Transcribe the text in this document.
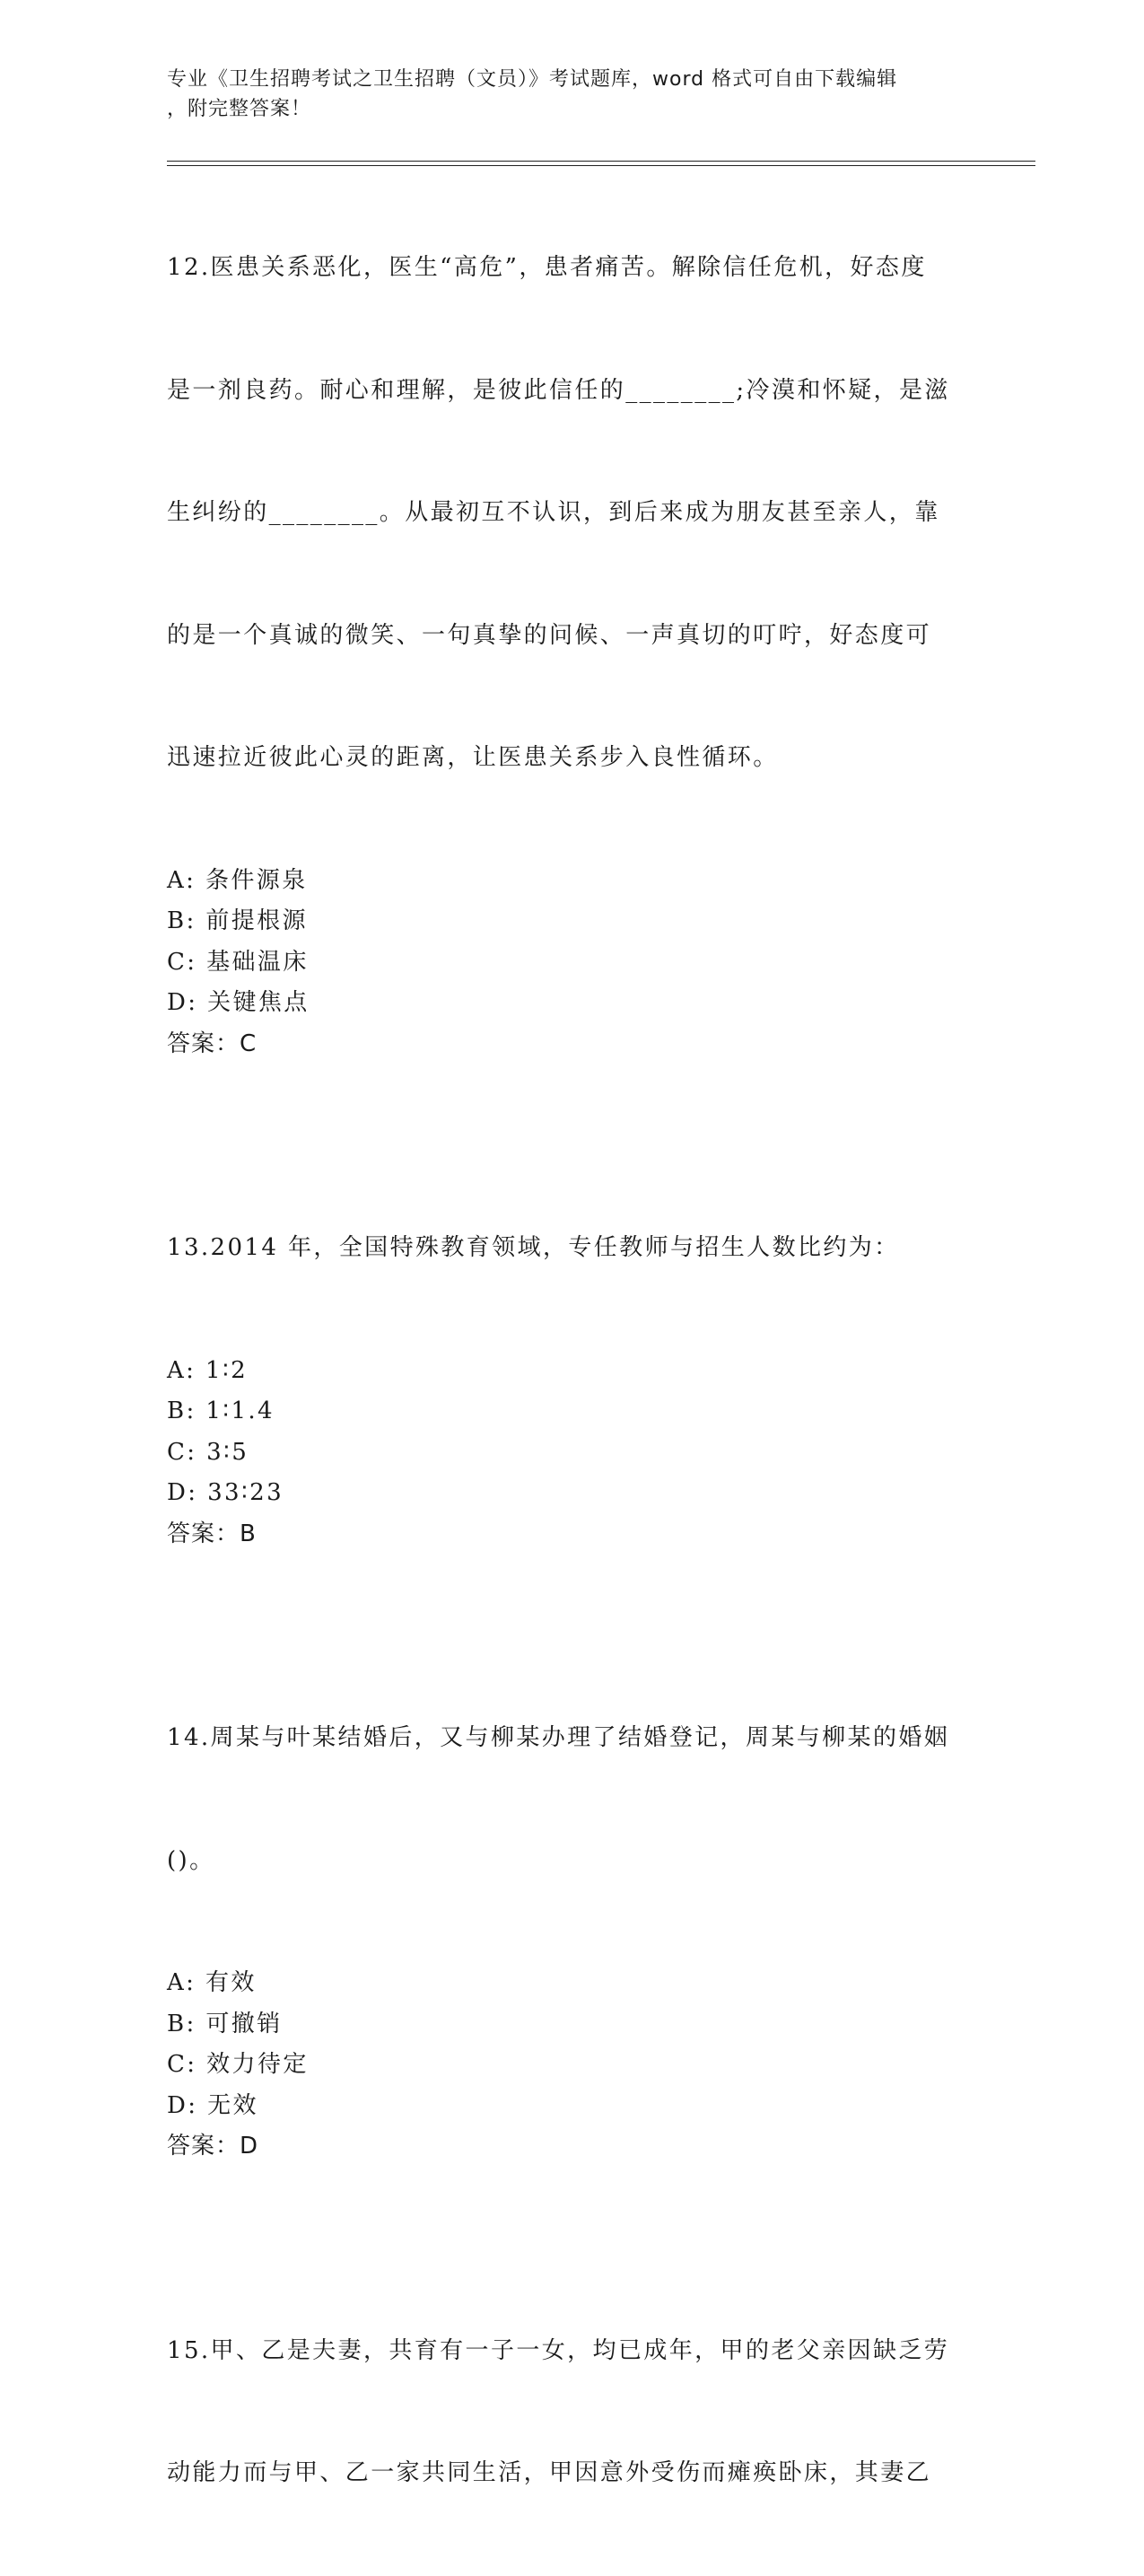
专业《卫生招聘考试之卫生招聘（文员）》考试题库，word 格式可自由下载编辑
，附完整答案！

12.医患关系恶化，医生“高危”，患者痛苦。解除信任危机，好态度

是一剂良药。耐心和理解，是彼此信任的________;冷漠和怀疑，是滋

生纠纷的________。从最初互不认识，到后来成为朋友甚至亲人，靠

的是一个真诚的微笑、一句真挚的问候、一声真切的叮咛，好态度可

迅速拉近彼此心灵的距离，让医患关系步入良性循环。

A: 条件源泉
B: 前提根源
C: 基础温床
D: 关键焦点
答案：C

13.2014 年，全国特殊教育领域，专任教师与招生人数比约为：

A: 1∶2
B: 1∶1.4
C: 3∶5
D: 33∶23
答案：B

14.周某与叶某结婚后，又与柳某办理了结婚登记，周某与柳某的婚姻

()。

A: 有效
B: 可撤销
C: 效力待定
D: 无效
答案：D

15.甲、乙是夫妻，共育有一子一女，均已成年，甲的老父亲因缺乏劳

动能力而与甲、乙一家共同生活，甲因意外受伤而瘫痪卧床，其妻乙
